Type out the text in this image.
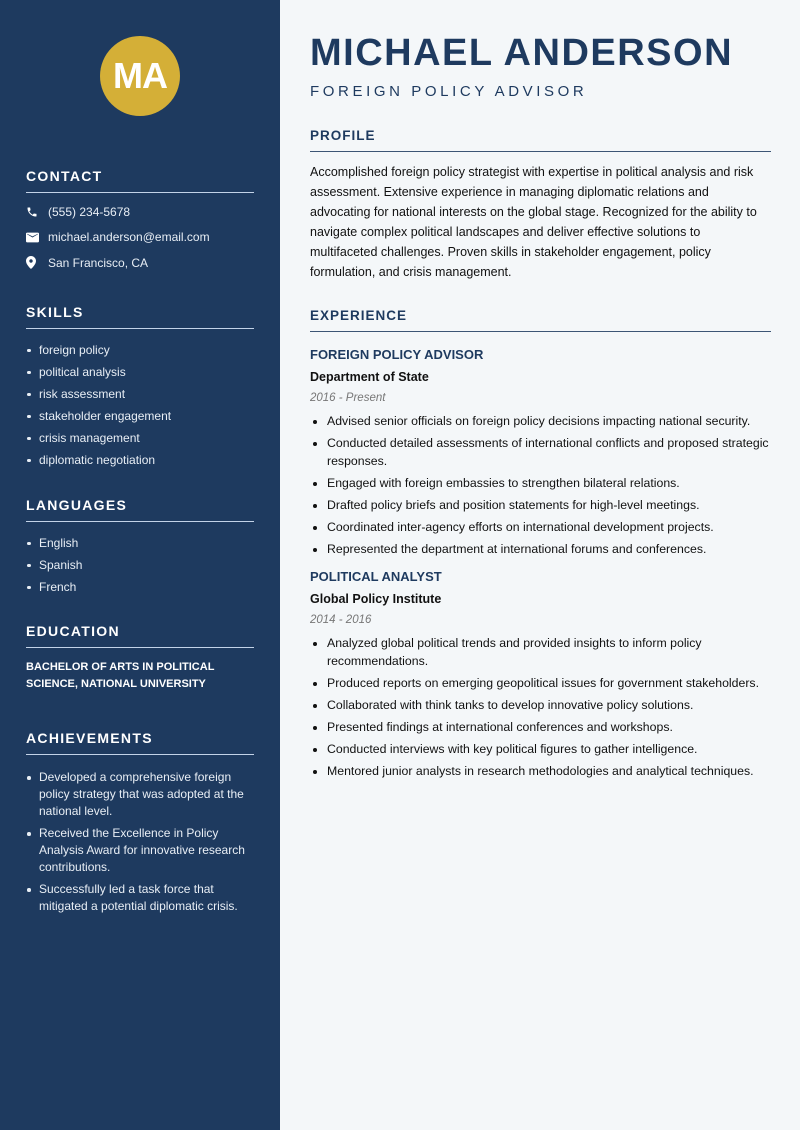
MA
CONTACT
(555) 234-5678
michael.anderson@email.com
San Francisco, CA
SKILLS
foreign policy
political analysis
risk assessment
stakeholder engagement
crisis management
diplomatic negotiation
LANGUAGES
English
Spanish
French
EDUCATION
BACHELOR OF ARTS IN POLITICAL SCIENCE, NATIONAL UNIVERSITY
ACHIEVEMENTS
Developed a comprehensive foreign policy strategy that was adopted at the national level.
Received the Excellence in Policy Analysis Award for innovative research contributions.
Successfully led a task force that mitigated a potential diplomatic crisis.
MICHAEL ANDERSON
FOREIGN POLICY ADVISOR
PROFILE

Accomplished foreign policy strategist with expertise in political analysis and risk assessment. Extensive experience in managing diplomatic relations and advocating for national interests on the global stage. Recognized for the ability to navigate complex political landscapes and deliver effective solutions to multifaceted challenges. Proven skills in stakeholder engagement, policy formulation, and crisis management.

EXPERIENCE
FOREIGN POLICY ADVISOR
Department of State
2016 - Present
Advised senior officials on foreign policy decisions impacting national security.
Conducted detailed assessments of international conflicts and proposed strategic responses.
Engaged with foreign embassies to strengthen bilateral relations.
Drafted policy briefs and position statements for high-level meetings.
Coordinated inter-agency efforts on international development projects.
Represented the department at international forums and conferences.
POLITICAL ANALYST
Global Policy Institute
2014 - 2016
Analyzed global political trends and provided insights to inform policy recommendations.
Produced reports on emerging geopolitical issues for government stakeholders.
Collaborated with think tanks to develop innovative policy solutions.
Presented findings at international conferences and workshops.
Conducted interviews with key political figures to gather intelligence.
Mentored junior analysts in research methodologies and analytical techniques.
